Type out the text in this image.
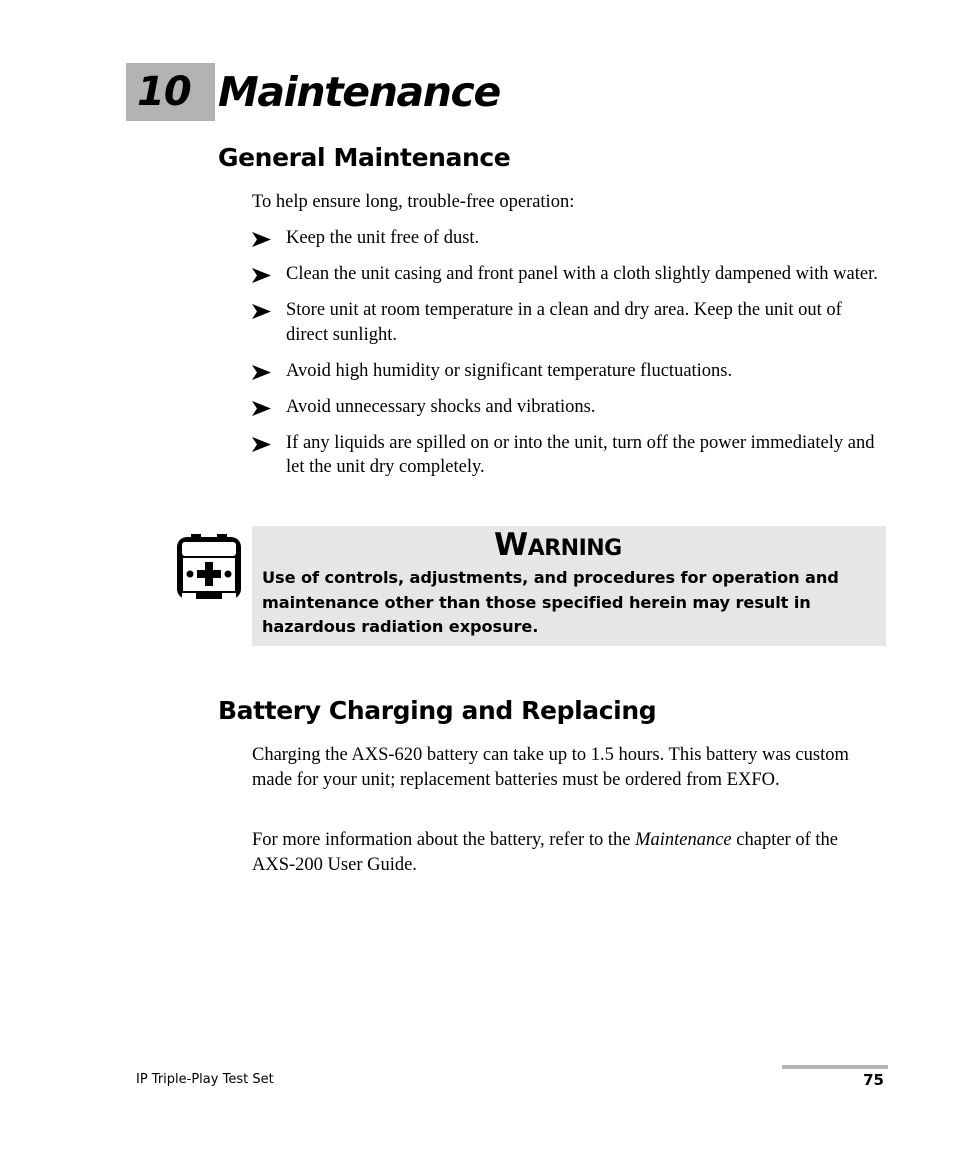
10 Maintenance
General Maintenance

To help ensure long, trouble-free operation:

Keep the unit free of dust.
Clean the unit casing and front panel with a cloth slightly dampened with water.
Store unit at room temperature in a clean and dry area. Keep the unit out of direct sunlight.
Avoid high humidity or significant temperature fluctuations.
Avoid unnecessary shocks and vibrations.
If any liquids are spilled on or into the unit, turn off the power immediately and let the unit dry completely.
Warning

Use of controls, adjustments, and procedures for operation and maintenance other than those specified herein may result in hazardous radiation exposure.

Battery Charging and Replacing

Charging the AXS-620 battery can take up to 1.5 hours. This battery was custom made for your unit; replacement batteries must be ordered from EXFO.

For more information about the battery, refer to the Maintenance chapter of the AXS-200 User Guide.

IP Triple-Play Test Set	75
